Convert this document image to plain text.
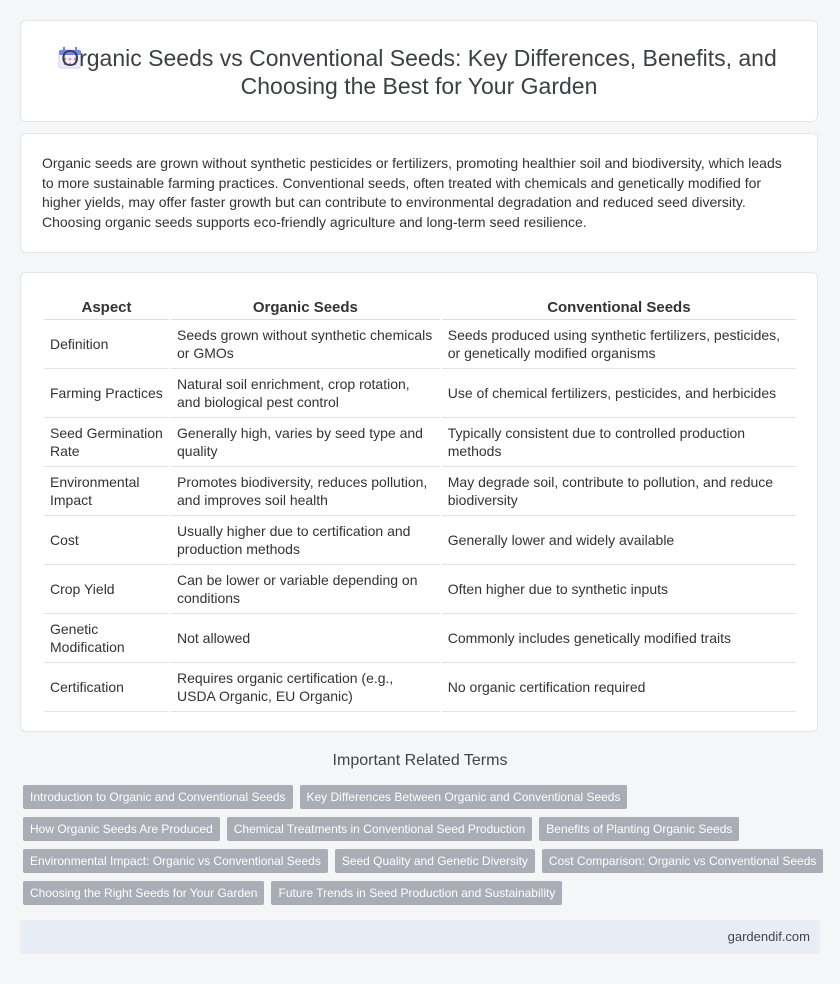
Organic Seeds vs Conventional Seeds: Key Differences, Benefits, and Choosing the Best for Your Garden

Organic seeds are grown without synthetic pesticides or fertilizers, promoting healthier soil and biodiversity, which leads to more sustainable farming practices. Conventional seeds, often treated with chemicals and genetically modified for higher yields, may offer faster growth but can contribute to environmental degradation and reduced seed diversity. Choosing organic seeds supports eco-friendly agriculture and long-term seed resilience.

Aspect	Organic Seeds	Conventional Seeds
Definition	Seeds grown without synthetic chemicals or GMOs	Seeds produced using synthetic fertilizers, pesticides, or genetically modified organisms
Farming Practices	Natural soil enrichment, crop rotation, and biological pest control	Use of chemical fertilizers, pesticides, and herbicides
Seed Germination Rate	Generally high, varies by seed type and quality	Typically consistent due to controlled production methods
Environmental Impact	Promotes biodiversity, reduces pollution, and improves soil health	May degrade soil, contribute to pollution, and reduce biodiversity
Cost	Usually higher due to certification and production methods	Generally lower and widely available
Crop Yield	Can be lower or variable depending on conditions	Often higher due to synthetic inputs
Genetic Modification	Not allowed	Commonly includes genetically modified traits
Certification	Requires organic certification (e.g., USDA Organic, EU Organic)	No organic certification required
Important Related Terms
Introduction to Organic and Conventional Seeds	Key Differences Between Organic and Conventional Seeds
How Organic Seeds Are Produced	Chemical Treatments in Conventional Seed Production	Benefits of Planting Organic Seeds
Environmental Impact: Organic vs Conventional Seeds	Seed Quality and Genetic Diversity	Cost Comparison: Organic vs Conventional Seeds
Choosing the Right Seeds for Your Garden	Future Trends in Seed Production and Sustainability
gardendif.com
